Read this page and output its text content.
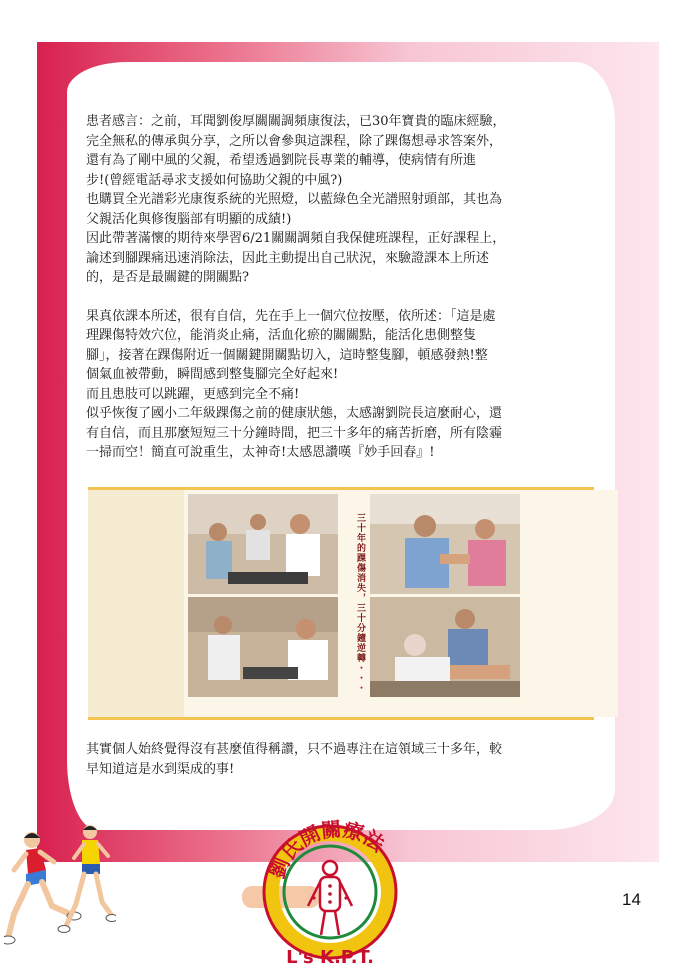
患者感言：之前，耳聞劉俊厚關關調頻康復法，已30年寶貴的臨床經驗，

完全無私的傳承與分享，之所以會參與這課程，除了踝傷想尋求答案外，

還有為了剛中風的父親，希望透過劉院長專業的輔導，使病情有所進

步!(曾經電話尋求支援如何協助父親的中風?)

也購買全光譜彩光康復系統的光照燈，以藍綠色全光譜照射頭部，其也為

父親活化與修復腦部有明顯的成績!)

因此帶著滿懷的期待來學習6/21關關調頻自我保健班課程，正好課程上，

論述到腳踝痛迅速消除法，因此主動提出自己狀況，來驗證課本上所述

的，是否是最關鍵的開關點?

果真依課本所述，很有自信，先在手上一個穴位按壓，依所述：「這是處

理踝傷特效穴位，能消炎止痛，活血化瘀的關關點，能活化患側整隻

腳」，接著在踝傷附近一個關鍵開關點切入，這時整隻腳，頓感發熱!整

個氣血被帶動，瞬間感到整隻腳完全好起來!

而且患肢可以跳躍，更感到完全不痛!

似乎恢復了國小二年級踝傷之前的健康狀態，太感謝劉院長這麼耐心，還

有自信，而且那麼短短三十分鐘時間，把三十多年的痛苦折磨，所有陰霾

一掃而空！簡直可說重生，太神奇!太感恩讚嘆『妙手回春』!

三十年的踝傷消失，三十分鐘逆轉・・・

其實個人始終覺得沒有甚麼值得稱讚，只不過專注在這領域三十多年，較

早知道這是水到渠成的事!

劉氏開關療法
L's K.P.T.
14
